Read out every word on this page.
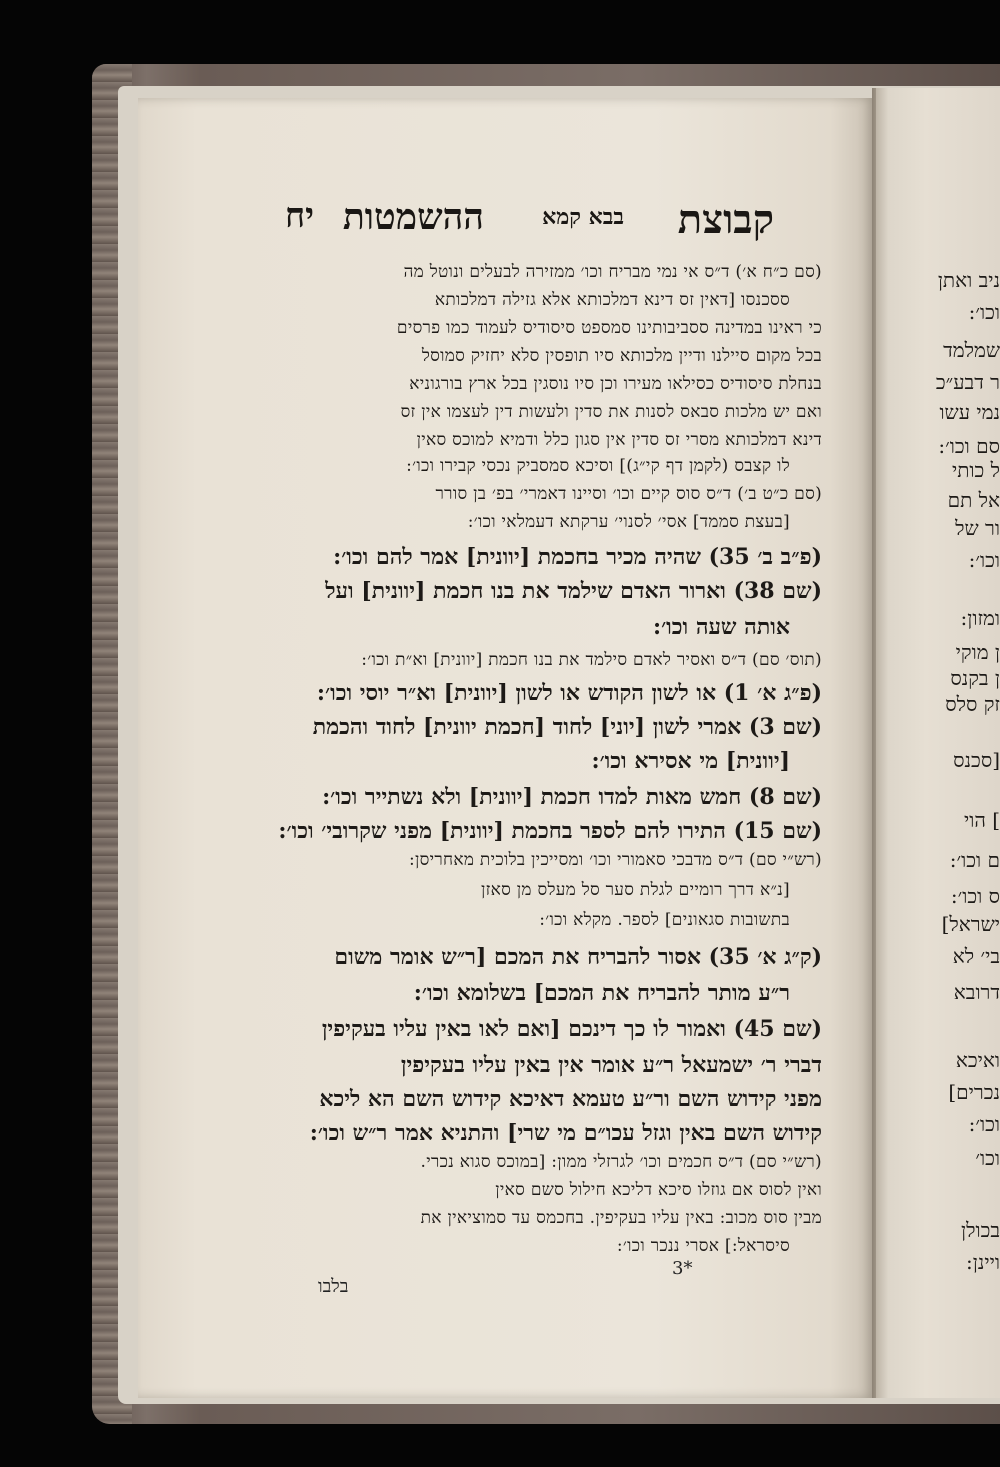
ניב ואתן
וכו׳:
שמלמד
ר דבע״כ
נמי עשו
סם וכו׳:
ל כותי
אל תם
ור של
וכו׳:
ומזון:
ן מוקי
ן בקנס
זק סלס
[סכנס
] הוי
ם וכו׳:
ס וכו׳:
ישראל]
בי׳ לא
דרובא
ואיכא
נכרים]
וכו׳:
וכו׳
בכולן
ויינן:
קבוצת
בבא קמא
ההשמטות
יח
(סם כ״ח א׳) ד״ס אי נמי מבריח וכו׳ ממזירה לבעלים ונוטל מה
ססכנסו [דאין זס דינא דמלכותא אלא גזילה דמלכותא
כי ראינו במדינה ססביבותינו סמספט סיסודיס לעמוד כמו פרסים
בכל מקום סיילנו ודיין מלכותא סיו תופסין סלא יחזיק סמוסל
בנחלת סיסודיס כסילאו מעירו וכן סיו נוסגין בכל ארץ בורגוניא
ואם יש מלכות סבאס לסנות את סדין ולעשות דין לעצמו אין זס
דינא דמלכותא מסרי זס סדין אין סגון כלל ודמיא למוכס סאין
לו קצבס (לקמן דף קי״ג)] וסיכא סמסביק נכסי קבירו וכו׳:
(סם כ״ט ב׳) ד״ס סוס קיים וכו׳ וסיינו דאמרי׳ בפ׳ בן סורר
[בעצת סממד] אסי׳ לסנוי׳ ערקתא דעמלאי וכו׳:
(פ״ב ב׳ 35) שהיה מכיר בחכמת [יוונית] אמר להם וכו׳:
(שם 38) וארור האדם שילמד את בנו חכמת [יוונית] ועל
אותה שעה וכו׳:
(תוס׳ סם) ד״ס ואסיר לאדם סילמד את בנו חכמת [יוונית] וא״ת וכו׳:
(פ״ג א׳ 1) או לשון הקודש או לשון [יוונית] וא״ר יוסי וכו׳:
(שם 3) אמרי לשון [יוני] לחוד [חכמת יוונית] לחוד והכמת
[יוונית] מי אסירא וכו׳:
(שם 8) חמש מאות למדו חכמת [יוונית] ולא נשתייר וכו׳:
(שם 15) התירו להם לספר בחכמת [יוונית] מפני שקרובי׳ וכו׳:
(רש״י סם) ד״ס מדבכי סאמורי וכו׳ ומסייכין בלוכית מאחריסן:
[נ״א דרך רומיים לגלת סער סל מעלס מן סאזן
בתשובות סגאונים] לספר. מקלא וכו׳:
(ק״ג א׳ 35) אסור להבריח את המכם [ר״ש אומר משום
ר״ע מותר להבריח את המכם] בשלומא וכו׳:
(שם 45) ואמור לו כך דינכם [ואם לאו באין עליו בעקיפין
דברי ר׳ ישמעאל ר״ע אומר אין באין עליו בעקיפין
מפני קידוש השם ור״ע טעמא דאיכא קידוש השם הא ליכא
קידוש השם באין וגזל עכו״ם מי שרי] והתניא אמר ר״ש וכו׳:
(רש״י סם) ד״ס חכמים וכו׳ לגרזלי ממון: [במוכס סגוא נכרי.
ואין לסוס אם גוזלו סיכא דליכא חילול סשם סאין
מבין סוס מכוב: באין עליו בעקיפין. בחכמס עד סמוציאין את
סיסראל:] אסרי ננכר וכו׳:
3*
בלבו
